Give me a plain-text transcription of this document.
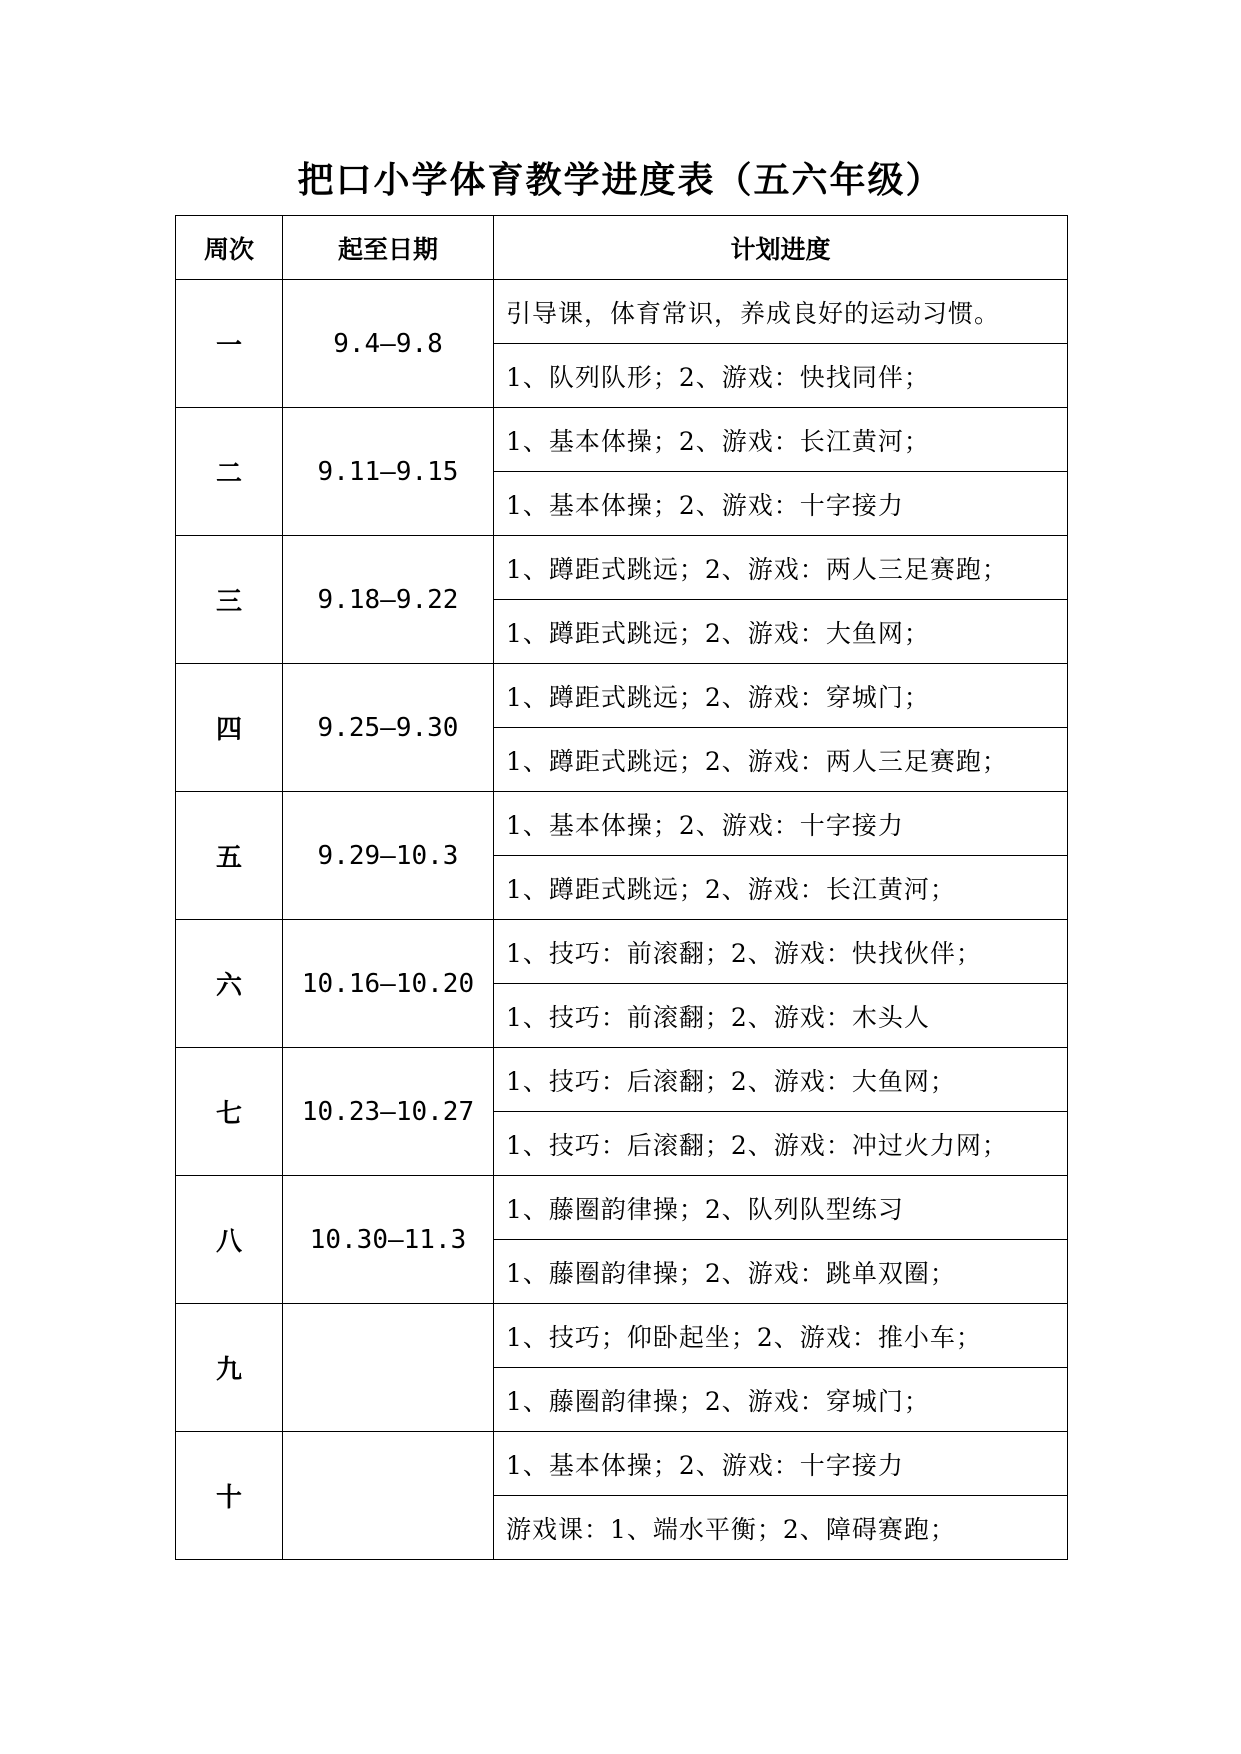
把口小学体育教学进度表（五六年级）
周次	起至日期	计划进度
一	9.4—9.8	引导课，体育常识，养成良好的运动习惯。
		1、队列队形；2、游戏：快找同伴；
二	9.11—9.15	1、基本体操；2、游戏：长江黄河；
		1、基本体操；2、游戏：十字接力
三	9.18—9.22	1、蹲距式跳远；2、游戏：两人三足赛跑；
		1、蹲距式跳远；2、游戏：大鱼网；
四	9.25—9.30	1、蹲距式跳远；2、游戏：穿城门；
		1、蹲距式跳远；2、游戏：两人三足赛跑；
五	9.29—10.3	1、基本体操；2、游戏：十字接力
		1、蹲距式跳远；2、游戏：长江黄河；
六	10.16—10.20	1、技巧：前滚翻；2、游戏：快找伙伴；
		1、技巧：前滚翻；2、游戏：木头人
七	10.23—10.27	1、技巧：后滚翻；2、游戏：大鱼网；
		1、技巧：后滚翻；2、游戏：冲过火力网；
八	10.30—11.3	1、藤圈韵律操；2、队列队型练习
		1、藤圈韵律操；2、游戏：跳单双圈；
九		1、技巧；仰卧起坐；2、游戏：推小车；
		1、藤圈韵律操；2、游戏：穿城门；
十		1、基本体操；2、游戏：十字接力
		游戏课：1、端水平衡；2、障碍赛跑；
